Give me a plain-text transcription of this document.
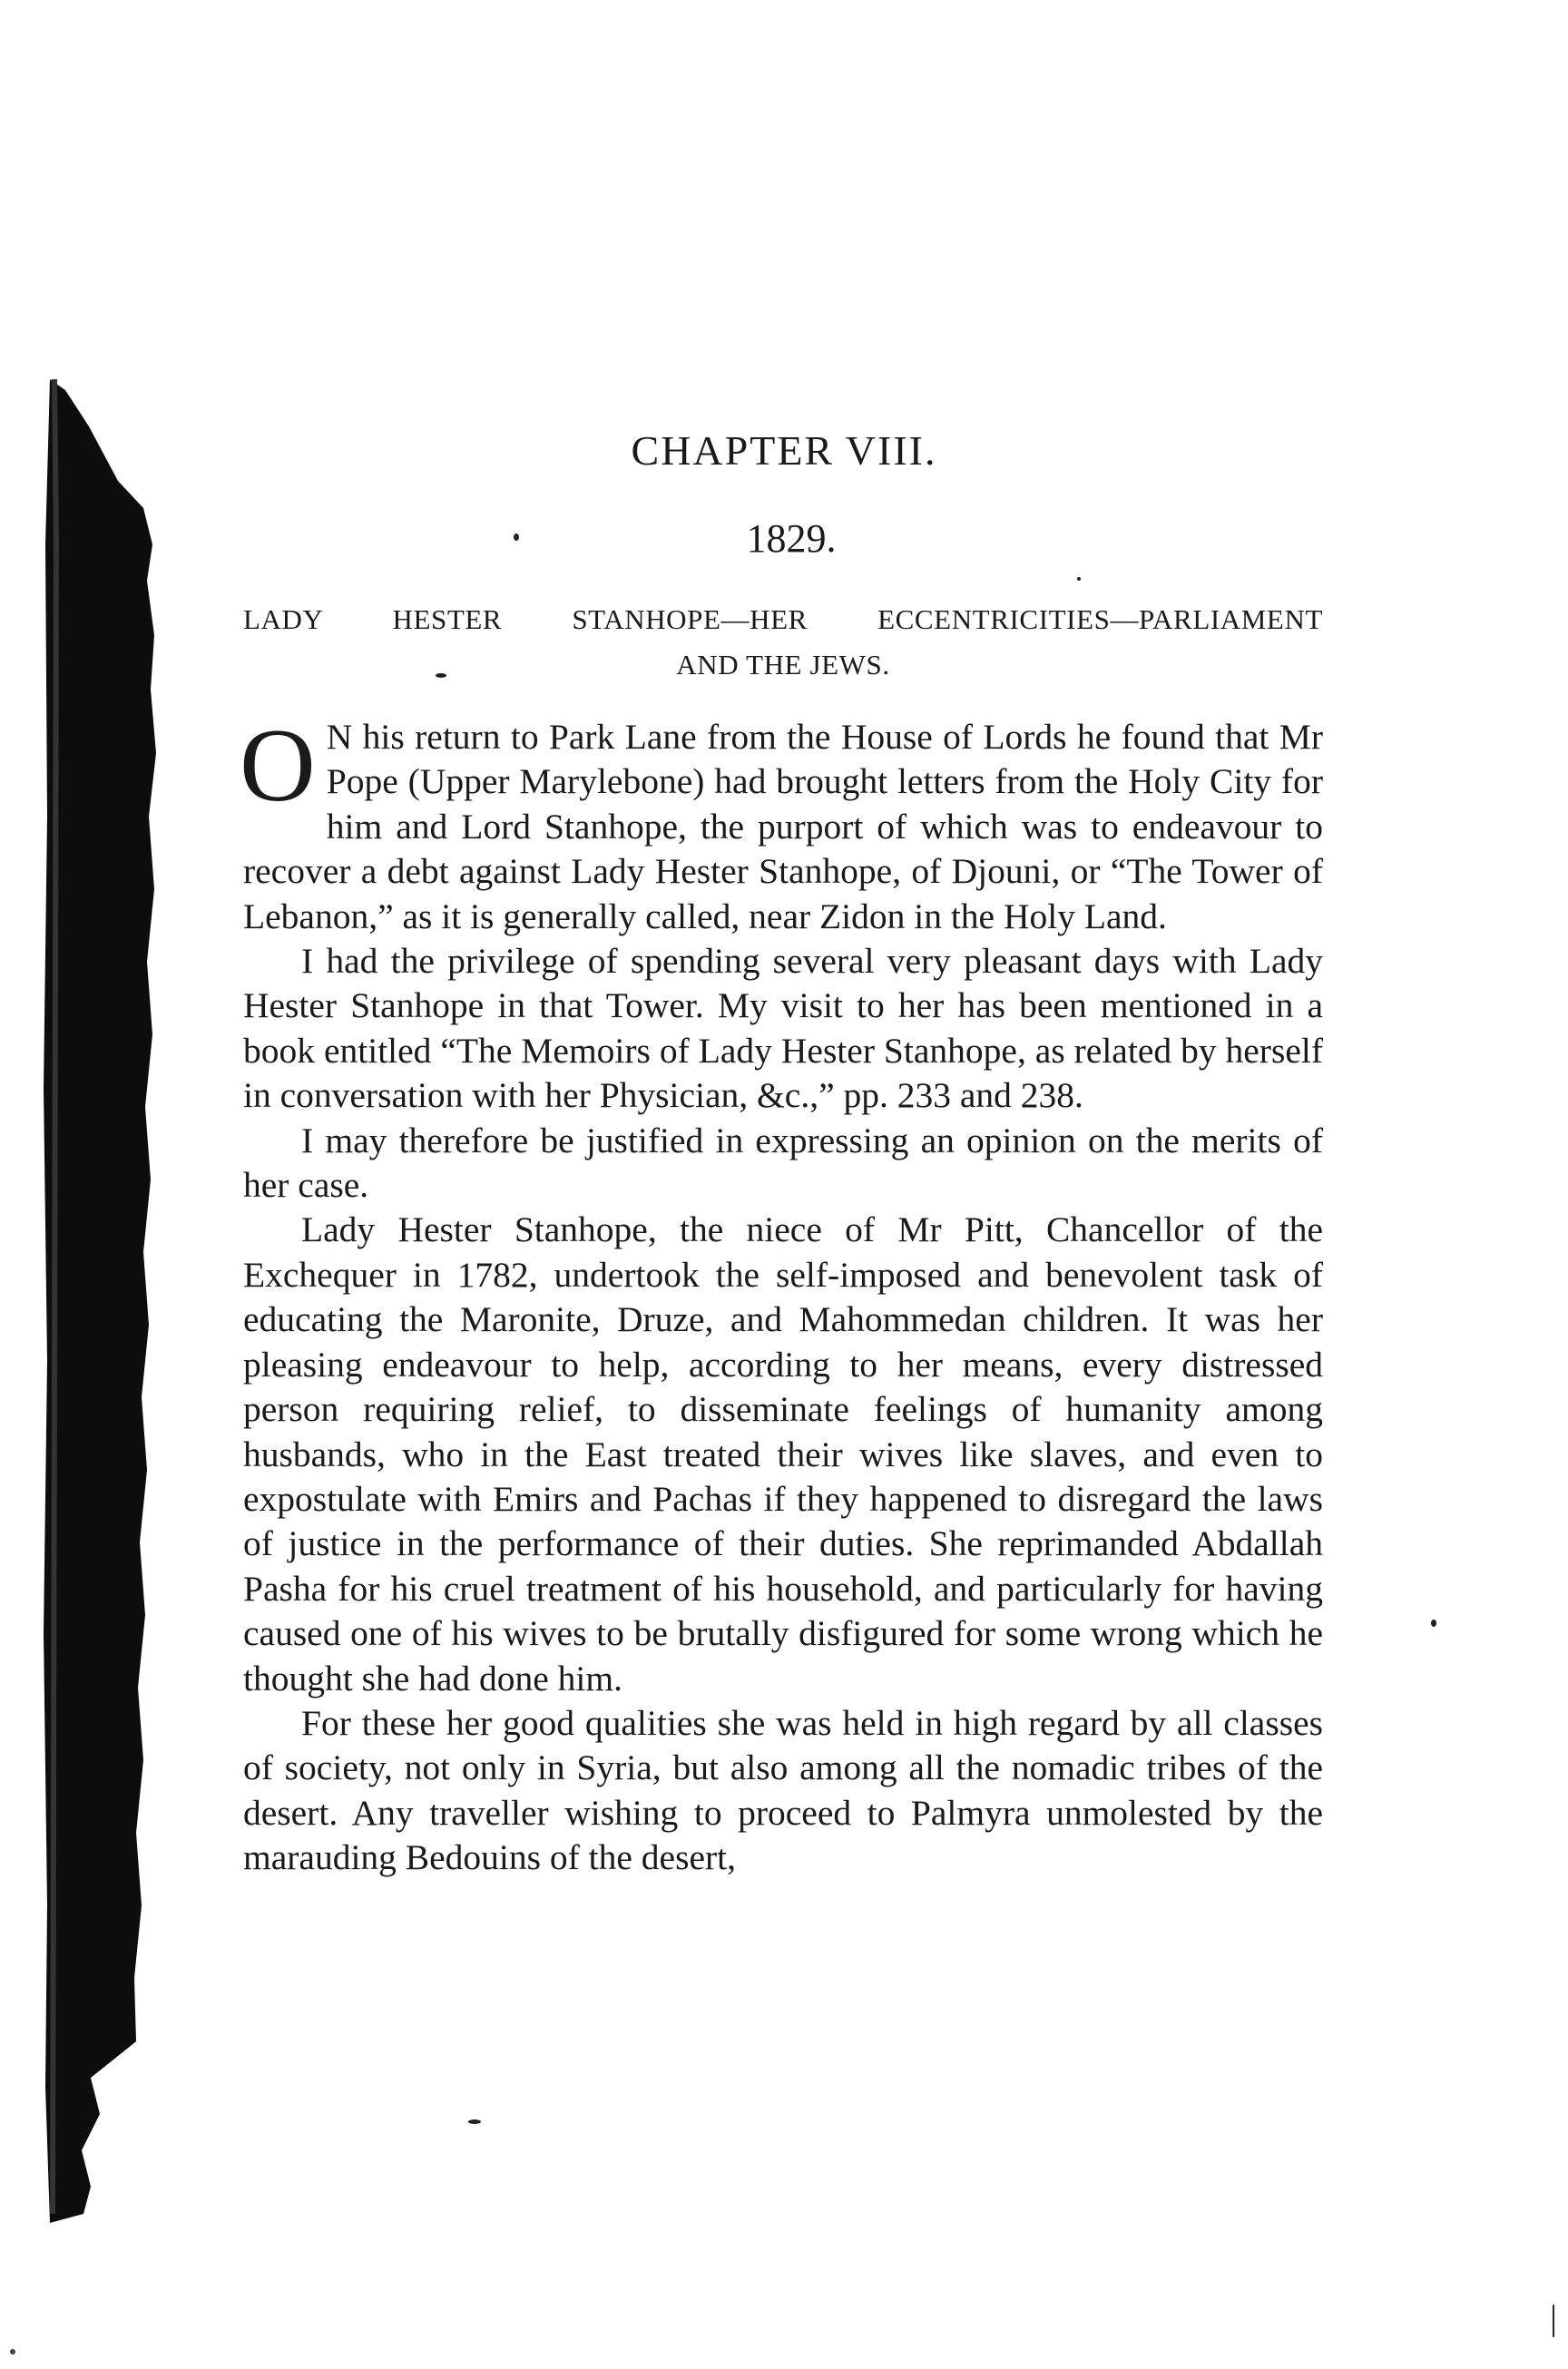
CHAPTER VIII.
1829.
LADY HESTER STANHOPE—HER ECCENTRICITIES—PARLIAMENT
AND THE JEWS.

O N his return to Park Lane from the House of Lords he found that Mr Pope (Upper Marylebone) had brought letters from the Holy City for him and Lord Stanhope, the purport of which was to endeavour to recover a debt against Lady Hester Stanhope, of Djouni, or “The Tower of Lebanon,” as it is generally called, near Zidon in the Holy Land.

I had the privilege of spending several very pleasant days with Lady Hester Stanhope in that Tower. My visit to her has been mentioned in a book entitled “The Memoirs of Lady Hester Stanhope, as related by herself in conversation with her Physician, &c.,” pp. 233 and 238.

I may therefore be justified in expressing an opinion on the merits of her case.

Lady Hester Stanhope, the niece of Mr Pitt, Chancellor of the Exchequer in 1782, undertook the self-imposed and benevolent task of educating the Maronite, Druze, and Mahommedan children. It was her pleasing endeavour to help, according to her means, every distressed person requiring relief, to disseminate feelings of humanity among husbands, who in the East treated their wives like slaves, and even to expostulate with Emirs and Pachas if they happened to disregard the laws of justice in the performance of their duties. She reprimanded Abdallah Pasha for his cruel treatment of his household, and particularly for having caused one of his wives to be brutally disfigured for some wrong which he thought she had done him.

For these her good qualities she was held in high regard by all classes of society, not only in Syria, but also among all the nomadic tribes of the desert. Any traveller wishing to proceed to Palmyra unmolested by the marauding Bedouins of the desert,
